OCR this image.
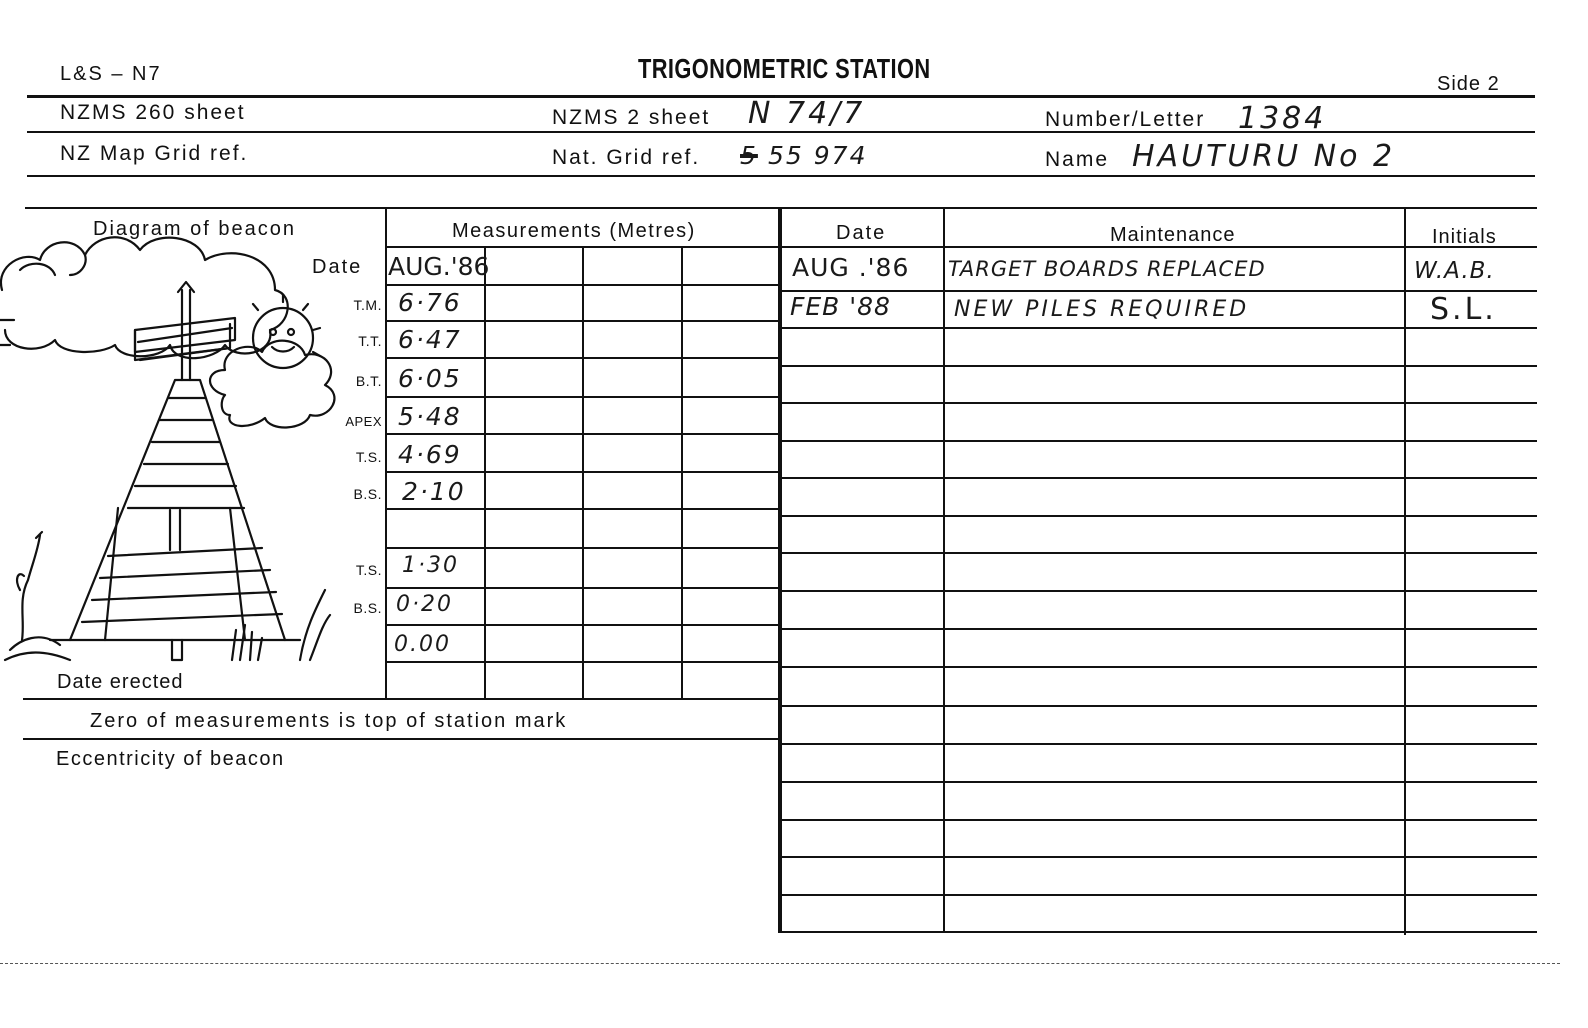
L&S – N7	TRIGONOMETRIC STATION	Side 2
NZMS 260 sheet	NZMS 2 sheet N 74/7	Number/Letter 1384
NZ Map Grid ref.	Nat. Grid ref. 5 55 974	Name HAUTURU No 2
Diagram of beacon	Measurements (Metres)	Date	Maintenance	Initials
Date AUG.'86
T.M. 6·76
T.T. 6·47
B.T. 6·05
APEX 5·48
T.S. 4·69
B.S. 2·10
T.S. 1·30
B.S. 0·20
0.00
Date erected
Zero of measurements is top of station mark
Eccentricity of beacon
AUG .'86 TARGET BOARDS REPLACED	W.A.B.
FEB '88	NEW PILES REQUIRED	S.L.
